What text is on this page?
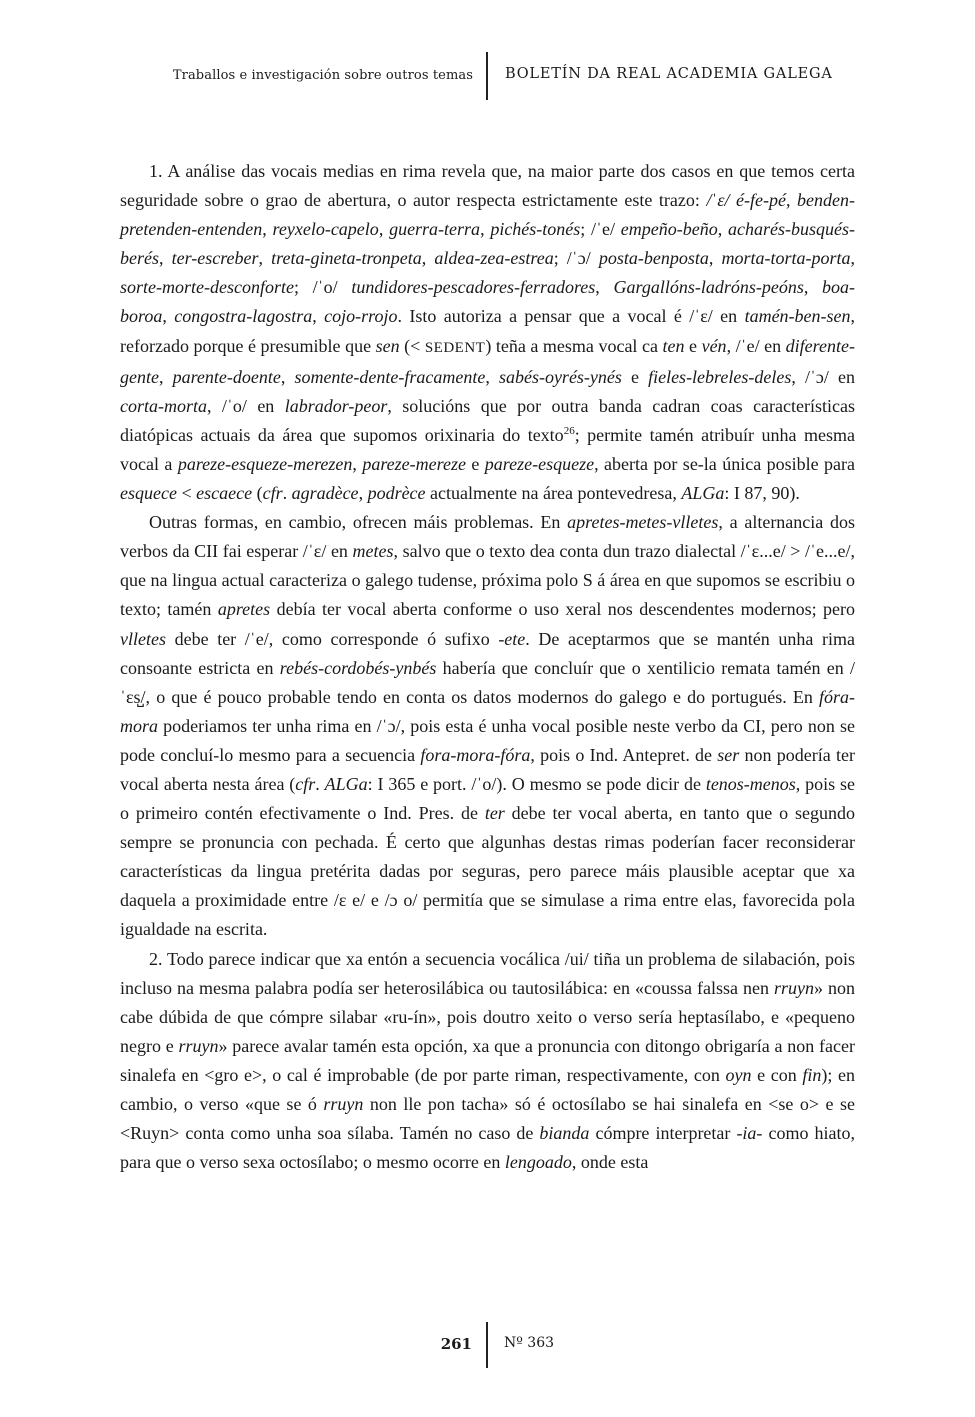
Traballos e investigación sobre outros temas BOLETÍN DA REAL ACADEMIA GALEGA

1. A análise das vocais medias en rima revela que, na maior parte dos casos en que temos certa seguridade sobre o grao de abertura, o autor respecta estrictamente este trazo: /ˈɛ/ é-fe-pé, benden-pretenden-entenden, reyxelo-capelo, guerra-terra, pichés-tonés; /ˈe/ empeño-beño, acharés-busqués-berés, ter-escreber, treta-gineta-tronpeta, aldea-zea-estrea; /ˈɔ/ posta-benposta, morta-torta-porta, sorte-morte-desconforte; /ˈo/ tundidores-pescadores-ferradores, Gargallóns-ladróns-peóns, boa-boroa, congostra-lagostra, cojo-rrojo. Isto autoriza a pensar que a vocal é /ˈɛ/ en tamén-ben-sen, reforzado porque é presumible que sen (< SEDENT) teña a mesma vocal ca ten e vén, /ˈe/ en diferente-gente, parente-doente, somente-dente-fracamente, sabés-oyrés-ynés e fieles-lebreles-deles, /ˈɔ/ en corta-morta, /ˈo/ en labrador-peor, solucións que por outra banda cadran coas características diatópicas actuais da área que supomos orixinaria do texto$^{26}$; permite tamén atribuír unha mesma vocal a pareze-esqueze-merezen, pareze-mereze e pareze-esqueze, aberta por se-la única posible para esquece < escaece (cfr. agradèce, podrèce actualmente na área pontevedresa, ALGa: I 87, 90).

Outras formas, en cambio, ofrecen máis problemas. En apretes-metes-vlletes, a alternancia dos verbos da CII fai esperar /ˈɛ/ en metes, salvo que o texto dea conta dun trazo dialectal /ˈɛ...e/ > /ˈe...e/, que na lingua actual caracteriza o galego tudense, próxima polo S á área en que supomos se escribiu o texto; tamén apretes debía ter vocal aberta conforme o uso xeral nos descendentes modernos; pero vlletes debe ter /ˈe/, como corresponde ó sufixo -ete. De aceptarmos que se mantén unha rima consoante estricta en rebés-cordobés-ynbés habería que concluír que o xentilicio remata tamén en /ˈɛs̺/, o que é pouco probable tendo en conta os datos modernos do galego e do portugués. En fóra-mora poderiamos ter unha rima en /ˈɔ/, pois esta é unha vocal posible neste verbo da CI, pero non se pode concluí-lo mesmo para a secuencia fora-mora-fóra, pois o Ind. Antepret. de ser non podería ter vocal aberta nesta área (cfr. ALGa: I 365 e port. /ˈo/). O mesmo se pode dicir de tenos-menos, pois se o primeiro contén efectivamente o Ind. Pres. de ter debe ter vocal aberta, en tanto que o segundo sempre se pronuncia con pechada. É certo que algunhas destas rimas poderían facer reconsiderar características da lingua pretérita dadas por seguras, pero parece máis plausible aceptar que xa daquela a proximidade entre /ɛ e/ e /ɔ o/ permitía que se simulase a rima entre elas, favorecida pola igualdade na escrita.

2. Todo parece indicar que xa entón a secuencia vocálica /ui/ tiña un problema de silabación, pois incluso na mesma palabra podía ser heterosilábica ou tautosilábica: en «coussa falssa nen rruyn» non cabe dúbida de que cómpre silabar «ru-ín», pois doutro xeito o verso sería heptasílabo, e «pequeno negro e rruyn» parece avalar tamén esta opción, xa que a pronuncia con ditongo obrigaría a non facer sinalefa en <gro e>, o cal é improbable (de por parte riman, respectivamente, con oyn e con fin); en cambio, o verso «que se ó rruyn non lle pon tacha» só é octosílabo se hai sinalefa en <se o> e se <Ruyn> conta como unha soa sílaba. Tamén no caso de bianda cómpre interpretar -ia- como hiato, para que o verso sexa octosílabo; o mesmo ocorre en lengoado, onde esta

261 Nº 363
